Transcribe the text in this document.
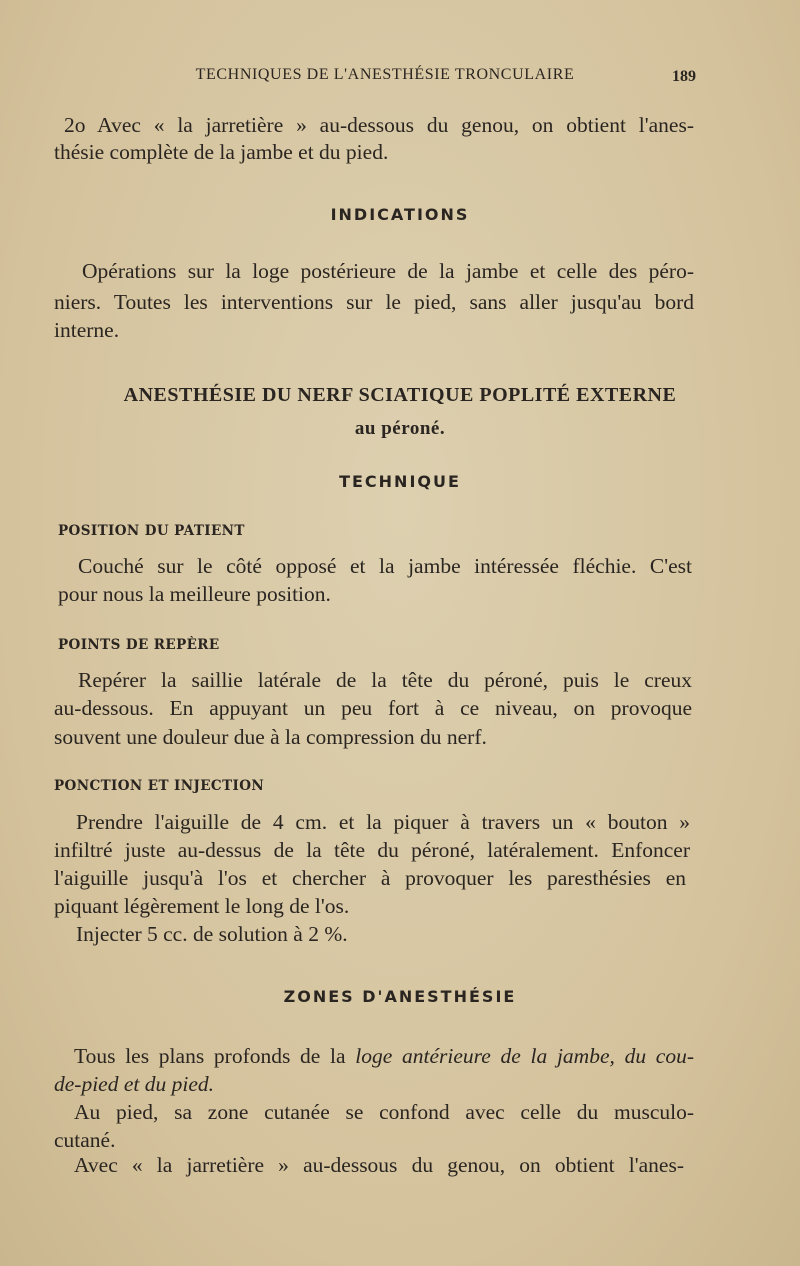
TECHNIQUES DE L'ANESTHÉSIE TRONCULAIRE	189
2o Avec « la jarretière » au-dessous du genou, on obtient l'anes-
thésie complète de la jambe et du pied.
INDICATIONS
Opérations sur la loge postérieure de la jambe et celle des péro-
niers. Toutes les interventions sur le pied, sans aller jusqu'au bord
interne.
ANESTHÉSIE DU NERF SCIATIQUE POPLITÉ EXTERNE
au péroné.
TECHNIQUE
POSITION DU PATIENT
Couché sur le côté opposé et la jambe intéressée fléchie. C'est
pour nous la meilleure position.
POINTS DE REPÈRE
Repérer la saillie latérale de la tête du péroné, puis le creux
au-dessous. En appuyant un peu fort à ce niveau, on provoque
souvent une douleur due à la compression du nerf.
PONCTION ET INJECTION
Prendre l'aiguille de 4 cm. et la piquer à travers un « bouton »
infiltré juste au-dessus de la tête du péroné, latéralement. Enfoncer
l'aiguille jusqu'à l'os et chercher à provoquer les paresthésies en
piquant légèrement le long de l'os.
Injecter 5 cc. de solution à 2 %.
ZONES D'ANESTHÉSIE
Tous les plans profonds de la loge antérieure de la jambe, du cou-
de-pied et du pied.
Au pied, sa zone cutanée se confond avec celle du musculo-
cutané.
Avec « la jarretière » au-dessous du genou, on obtient l'anes-
